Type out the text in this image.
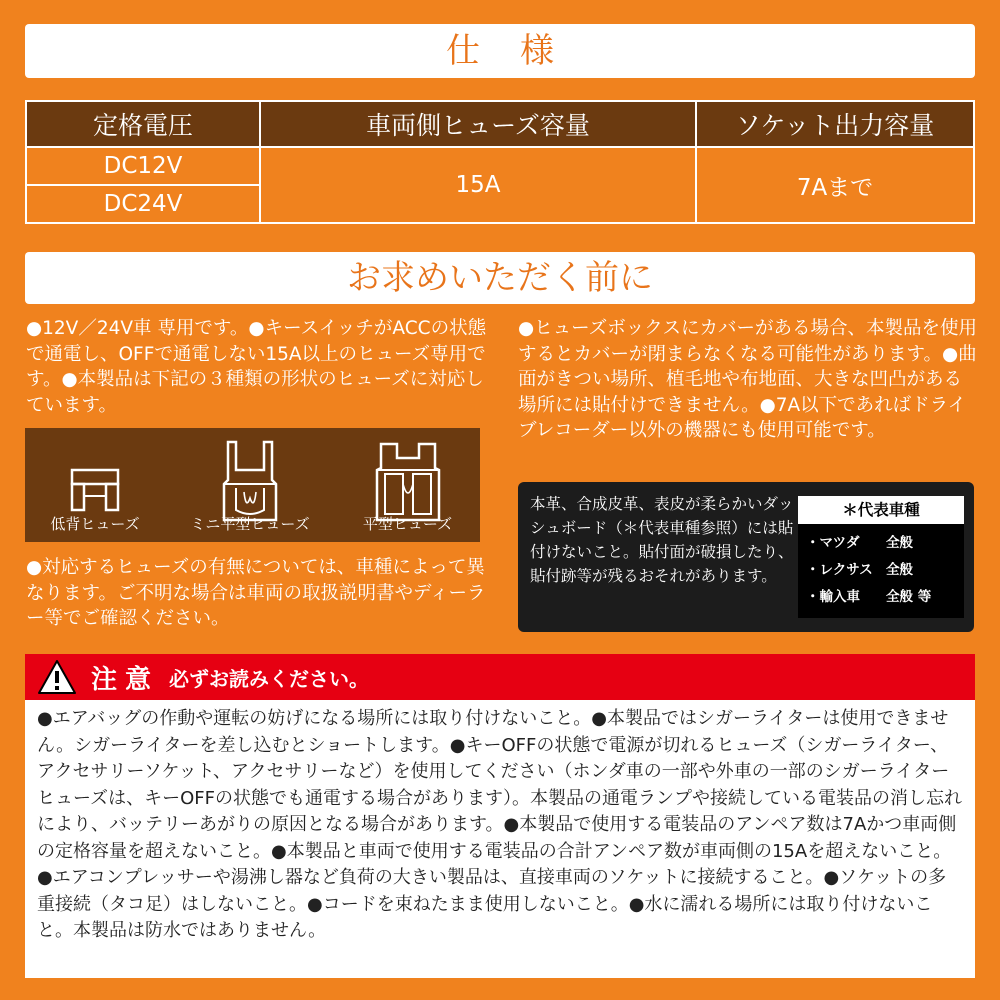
仕様
定格電圧	車両側ヒューズ容量	ソケット出力容量
DC12V	15A	7Aまで
DC24V		
お求めいただく前に
●12V／24V車 専用です。●キースイッチがACCの状態で通電し、OFFで通電しない15A以上のヒューズ専用です。●本製品は下記の３種類の形状のヒューズに対応しています。
低背ヒューズ	ミニ平型ヒューズ	平型ヒューズ
●対応するヒューズの有無については、車種によって異なります。ご不明な場合は車両の取扱説明書やディーラー等でご確認ください。
●ヒューズボックスにカバーがある場合、本製品を使用するとカバーが閉まらなくなる可能性があります。●曲面がきつい場所、植毛地や布地面、大きな凹凸がある場所には貼付けできません。●7A以下であればドライブレコーダー以外の機器にも使用可能です。
本革、合成皮革、表皮が柔らかいダッシュボード（＊代表車種参照）には貼付けないこと。貼付面が破損したり、貼付跡等が残るおそれがあります。
＊代表車種
・マツダ	全般
・レクサス 全般
・輸入車	全般 等
注意 必ずお読みください。
●エアバッグの作動や運転の妨げになる場所には取り付けないこと。●本製品ではシガーライターは使用できません。シガーライターを差し込むとショートします。●キーOFFの状態で電源が切れるヒューズ（シガーライター、アクセサリーソケット、アクセサリーなど）を使用してください（ホンダ車の一部や外車の一部のシガーライターヒューズは、キーOFFの状態でも通電する場合があります）。本製品の通電ランプや接続している電装品の消し忘れにより、バッテリーあがりの原因となる場合があります。●本製品で使用する電装品のアンペア数は7Aかつ車両側の定格容量を超えないこと。●本製品と車両で使用する電装品の合計アンペア数が車両側の15Aを超えないこと。●エアコンプレッサーや湯沸し器など負荷の大きい製品は、直接車両のソケットに接続すること。●ソケットの多重接続（タコ足）はしないこと。●コードを束ねたまま使用しないこと。●水に濡れる場所には取り付けないこと。本製品は防水ではありません。
